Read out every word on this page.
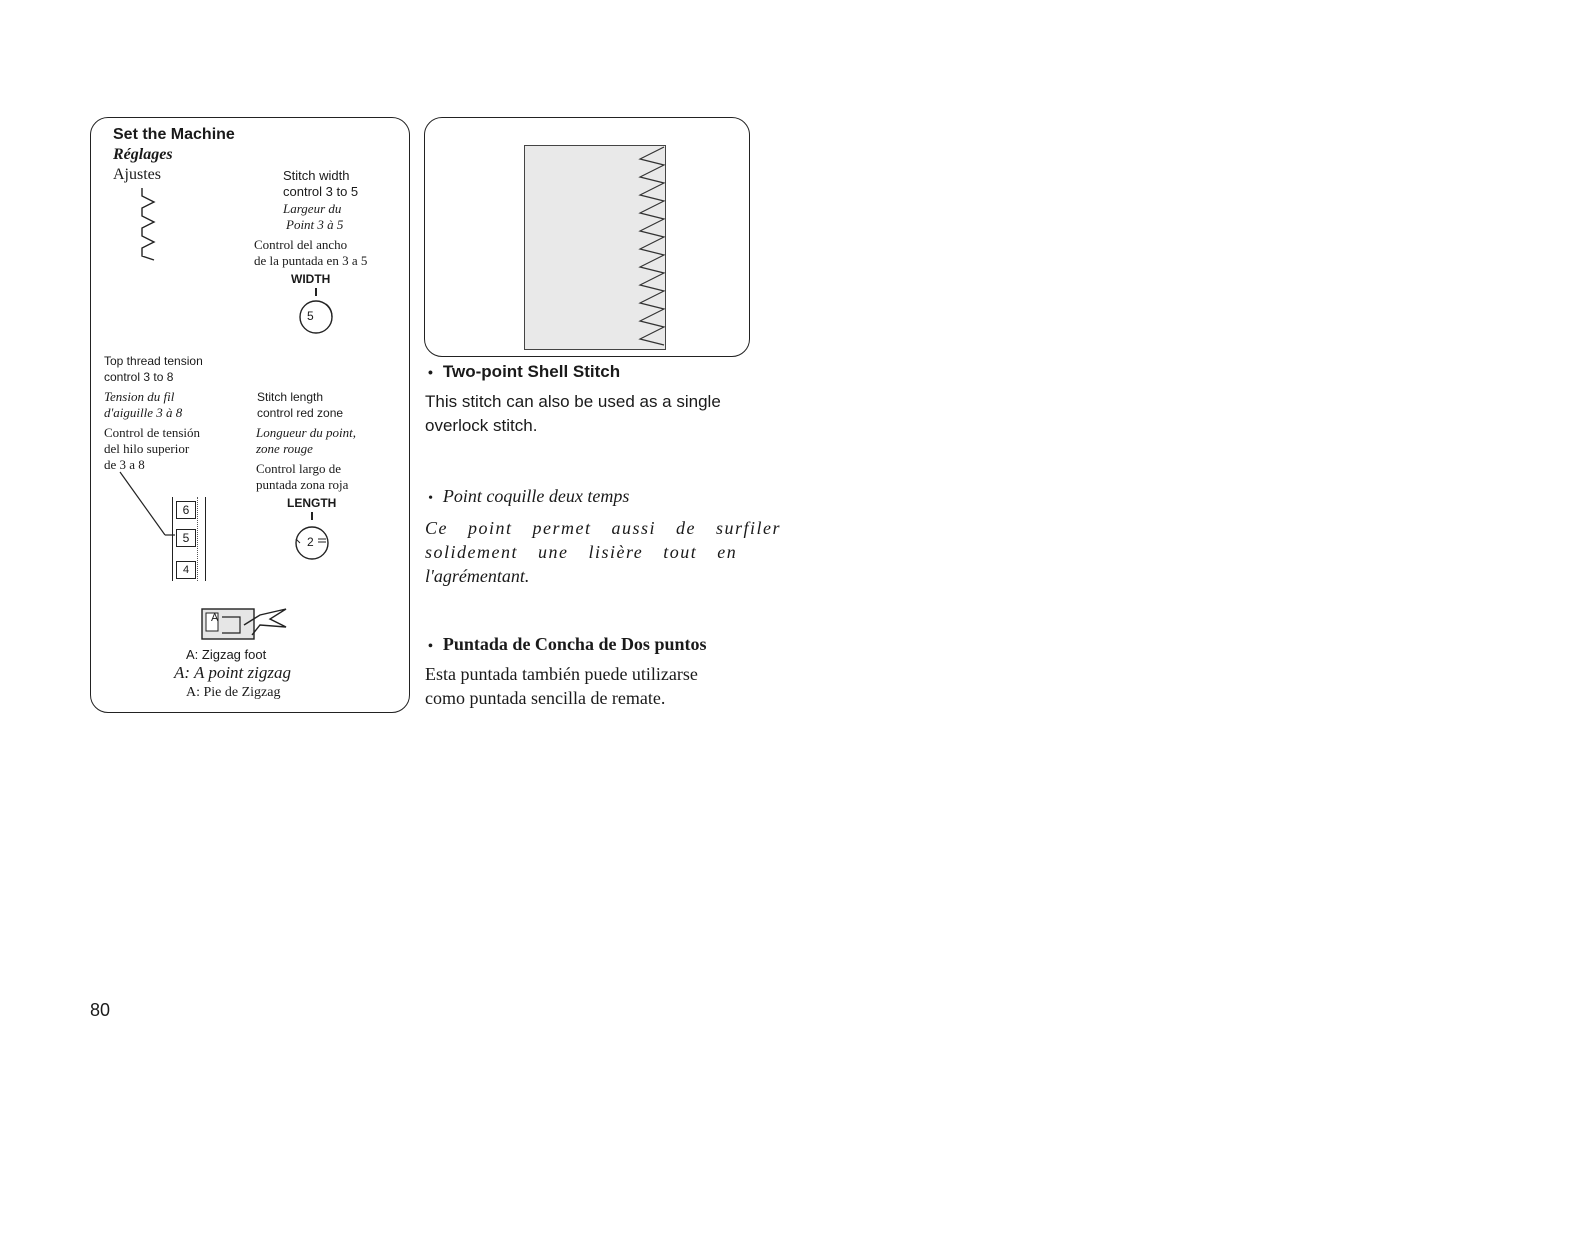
Set the Machine
Réglages
Ajustes	Stitch width
control 3 to 5
Largeur du
Point 3 à 5
Control del ancho
de la puntada en 3 a 5
WIDTH
5
Top thread tension
control 3 to 8
Tension du fil
d'aiguille 3 à 8
Control de tensión
del hilo superior
de 3 a 8
6
5
4
Stitch length
control red zone
Longueur du point,
zone rouge
Control largo de
puntada zona roja
LENGTH
2
A
A: Zigzag foot
A: A point zigzag
A: Pie de Zigzag
• Two-point Shell Stitch
This stitch can also be used as a single
overlock stitch.
• Point coquille deux temps
Ce point permet aussi de surfiler
solidement une lisière tout en
l'agrémentant.
• Puntada de Concha de Dos puntos
Esta puntada también puede utilizarse
como puntada sencilla de remate.
80
